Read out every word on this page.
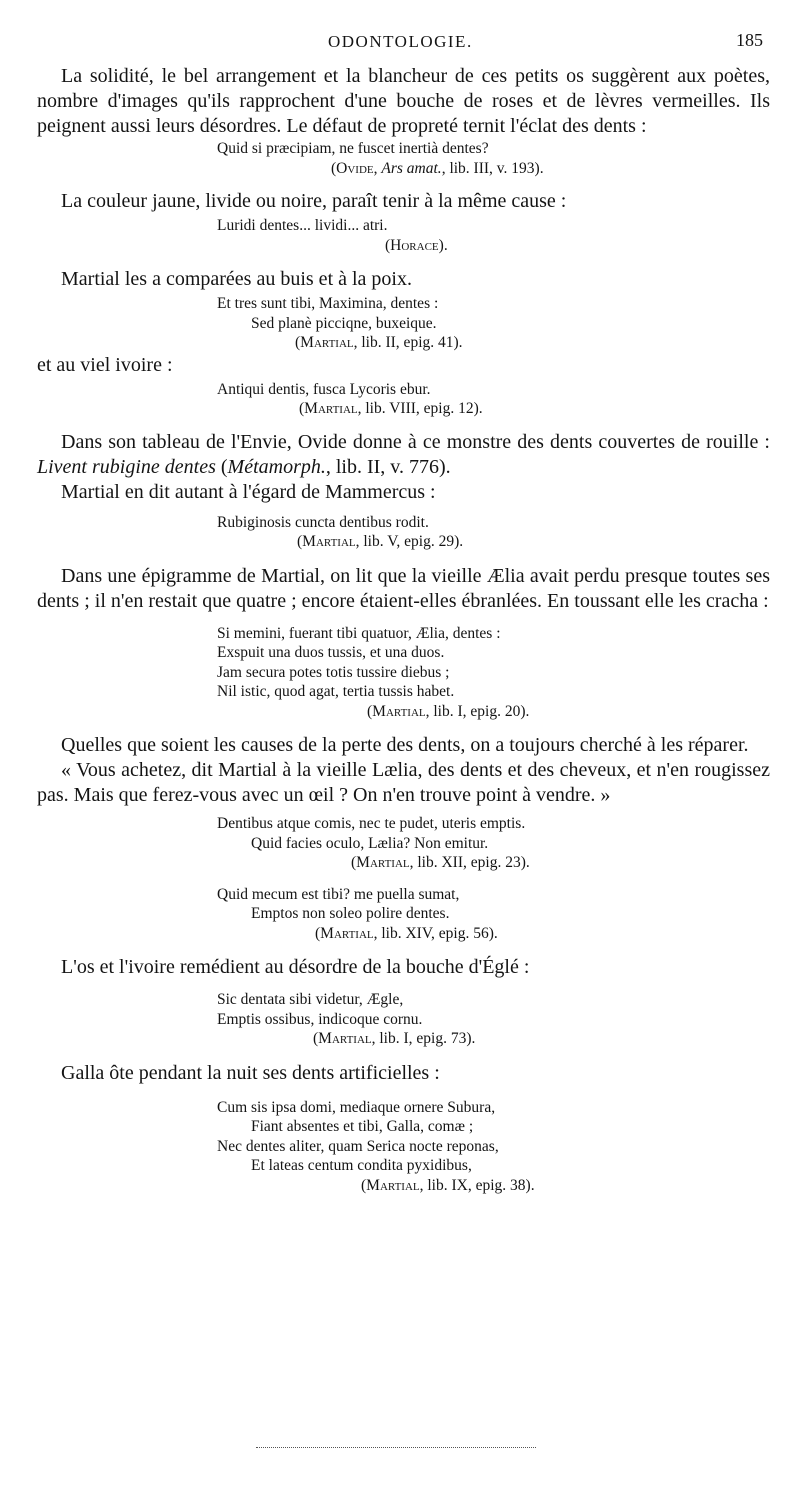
ODONTOLOGIE.	185

La solidité, le bel arrangement et la blancheur de ces petits os suggèrent aux poètes, nombre d'images qu'ils rapprochent d'une bouche de roses et de lèvres vermeilles. Ils peignent aussi leurs désordres. Le défaut de propreté ternit l'éclat des dents :

Quid si præcipiam, ne fuscet inertià dentes?
(Ovide, Ars amat., lib. III, v. 193).

La couleur jaune, livide ou noire, paraît tenir à la même cause :

Luridi dentes... lividi... atri.
(Horace).

Martial les a comparées au buis et à la poix.

Et tres sunt tibi, Maximina, dentes :
Sed planè picciqne, buxeique.
(Martial, lib. II, epig. 41).

et au viel ivoire :

Antiqui dentis, fusca Lycoris ebur.
(Martial, lib. VIII, epig. 12).

Dans son tableau de l'Envie, Ovide donne à ce monstre des dents couvertes de rouille : Livent rubigine dentes (Métamorph., lib. II, v. 776).

Martial en dit autant à l'égard de Mammercus :

Rubiginosis cuncta dentibus rodit.
(Martial, lib. V, epig. 29).

Dans une épigramme de Martial, on lit que la vieille Ælia avait perdu presque toutes ses dents ; il n'en restait que quatre ; encore étaient-elles ébranlées. En toussant elle les cracha :

Si memini, fuerant tibi quatuor, Ælia, dentes :
Exspuit una duos tussis, et una duos.
Jam secura potes totis tussire diebus ;
Nil istic, quod agat, tertia tussis habet.
(Martial, lib. I, epig. 20).

Quelles que soient les causes de la perte des dents, on a toujours cherché à les réparer.

« Vous achetez, dit Martial à la vieille Lælia, des dents et des cheveux, et n'en rougissez pas. Mais que ferez-vous avec un œil ? On n'en trouve point à vendre. »

Dentibus atque comis, nec te pudet, uteris emptis.
Quid facies oculo, Lælia? Non emitur.
(Martial, lib. XII, epig. 23).
Quid mecum est tibi? me puella sumat,
Emptos non soleo polire dentes.
(Martial, lib. XIV, epig. 56).

L'os et l'ivoire remédient au désordre de la bouche d'Églé :

Sic dentata sibi videtur, Ægle,
Emptis ossibus, indicoque cornu.
(Martial, lib. I, epig. 73).

Galla ôte pendant la nuit ses dents artificielles :

Cum sis ipsa domi, mediaque ornere Subura,
Fiant absentes et tibi, Galla, comæ ;
Nec dentes aliter, quam Serica nocte reponas,
Et lateas centum condita pyxidibus,
(Martial, lib. IX, epig. 38).
